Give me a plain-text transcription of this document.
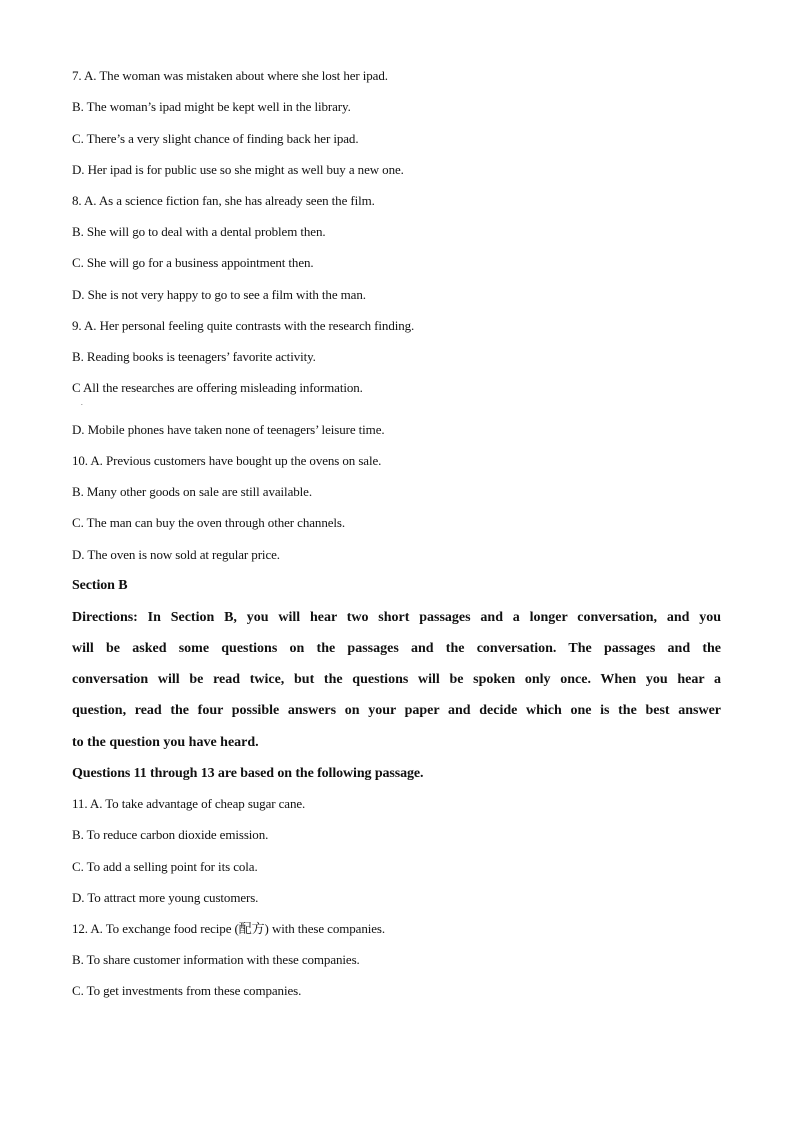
7. A. The woman was mistaken about where she lost her ipad.
B. The woman’s ipad might be kept well in the library.
C. There’s a very slight chance of finding back her ipad.
D. Her ipad is for public use so she might as well buy a new one.
8. A. As a science fiction fan, she has already seen the film.
B. She will go to deal with a dental problem then.
C. She will go for a business appointment then.
D. She is not very happy to go to see a film with the man.
9. A. Her personal feeling quite contrasts with the research finding.
B. Reading books is teenagers’ favorite activity.
C All the researches are offering misleading information.
.
D. Mobile phones have taken none of teenagers’ leisure time.
10. A. Previous customers have bought up the ovens on sale.
B. Many other goods on sale are still available.
C. The man can buy the oven through other channels.
D. The oven is now sold at regular price.
Section B
Directions: In Section B, you will hear two short passages and a longer conversation, and you
will be asked some questions on the passages and the conversation. The passages and the
conversation will be read twice, but the questions will be spoken only once. When you hear a
question, read the four possible answers on your paper and decide which one is the best answer
to the question you have heard.
Questions 11 through 13 are based on the following passage.
11. A. To take advantage of cheap sugar cane.
B. To reduce carbon dioxide emission.
C. To add a selling point for its cola.
D. To attract more young customers.
12. A. To exchange food recipe (配方) with these companies.
B. To share customer information with these companies.
C. To get investments from these companies.
